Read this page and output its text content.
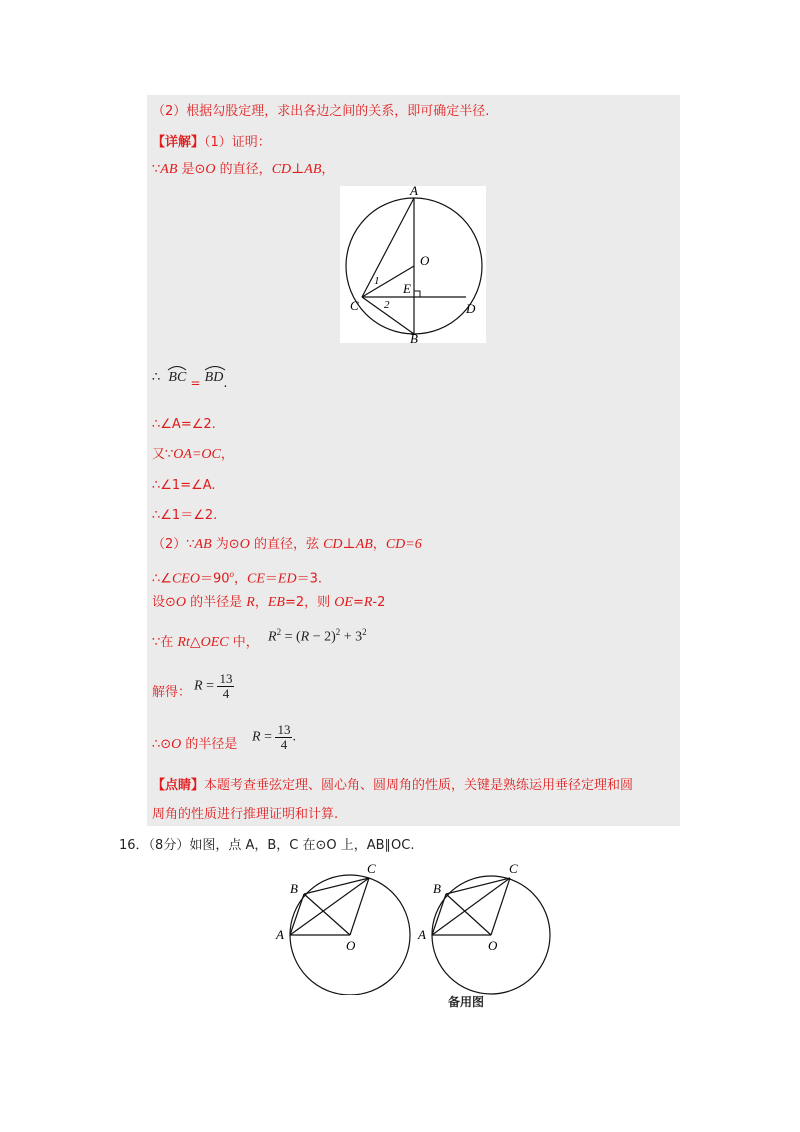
（2）根据勾股定理，求出各边之间的关系，即可确定半径.
【详解】（1）证明：
∵AB 是⊙O 的直径，CD⊥AB，
A
O
C
E
D
B
1
2
∴ BC = BD.
∴∠A=∠2.
又∵OA=OC，
∴∠1=∠A.
∴∠1＝∠2.
（2）∵AB 为⊙O 的直径，弦 CD⊥AB，CD=6
$\therefore\angle CEO=90^o$，CE＝ED＝3.
设⊙O 的半径是 R，EB=2，则 OE=R-2
∵在 Rt△OEC 中， $R^2 = (R - 2)^2 + 3^2$
解得： $R = \frac{13}{4}$
∴⊙O 的半径是 $R = \frac{13}{4}$ .
【点睛】本题考查垂弦定理、圆心角、圆周角的性质，关键是熟练运用垂径定理和圆
周角的性质进行推理证明和计算.
16．（8分）如图，点 A，B，C 在⊙O 上，AB∥OC.
B
C
A
O
B
C
A
O
备用图
